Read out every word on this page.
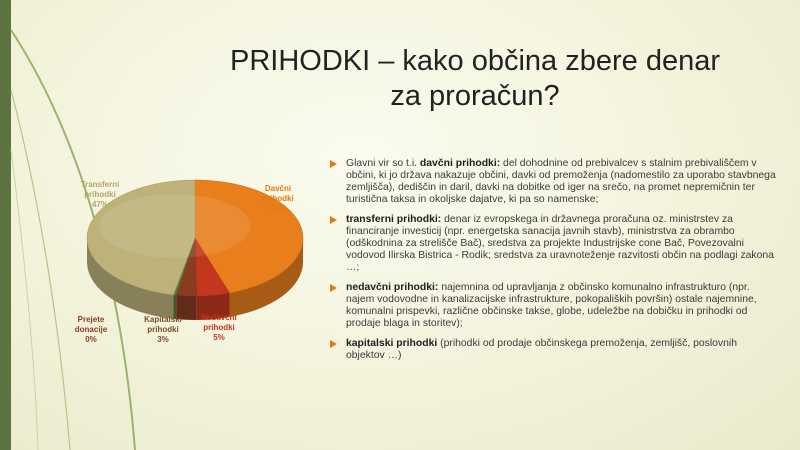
PRIHODKI – kako občina zbere denar
za proračun?
Davčni
prihodki
45%
Transferni
prihodki
47%
Nedavčni
prihodki
5%
Kapitalski
prihodki
3%
Prejete
donacije
0%
Glavni vir so t.i. davčni prihodki: del dohodnine od prebivalcev s stalnim prebivališčem v občini, ki jo država nakazuje občini, davki od premoženja (nadomestilo za uporabo stavbnega zemljišča), dediščin in daril, davki na dobitke od iger na srečo, na promet nepremičnin ter turistična taksa in okoljske dajatve, ki pa so namenske;
transferni prihodki: denar iz evropskega in državnega proračuna oz. ministrstev za financiranje investicij (npr. energetska sanacija javnih stavb), ministrstva za obrambo (odškodnina za strelišče Bač), sredstva za projekte Industrijske cone Bač, Povezovalni vodovod Ilirska Bistrica - Rodik; sredstva za uravnoteženje razvitosti občin na podlagi zakona …;
nedavčni prihodki: najemnina od upravljanja z občinsko komunalno infrastrukturo (npr. najem vodovodne in kanalizacijske infrastrukture, pokopaliških površin) ostale najemnine, komunalni prispevki, različne občinske takse, globe, udeležbe na dobičku in prihodki od prodaje blaga in storitev);
kapitalski prihodki (prihodki od prodaje občinskega premoženja, zemljišč, poslovnih objektov …)
